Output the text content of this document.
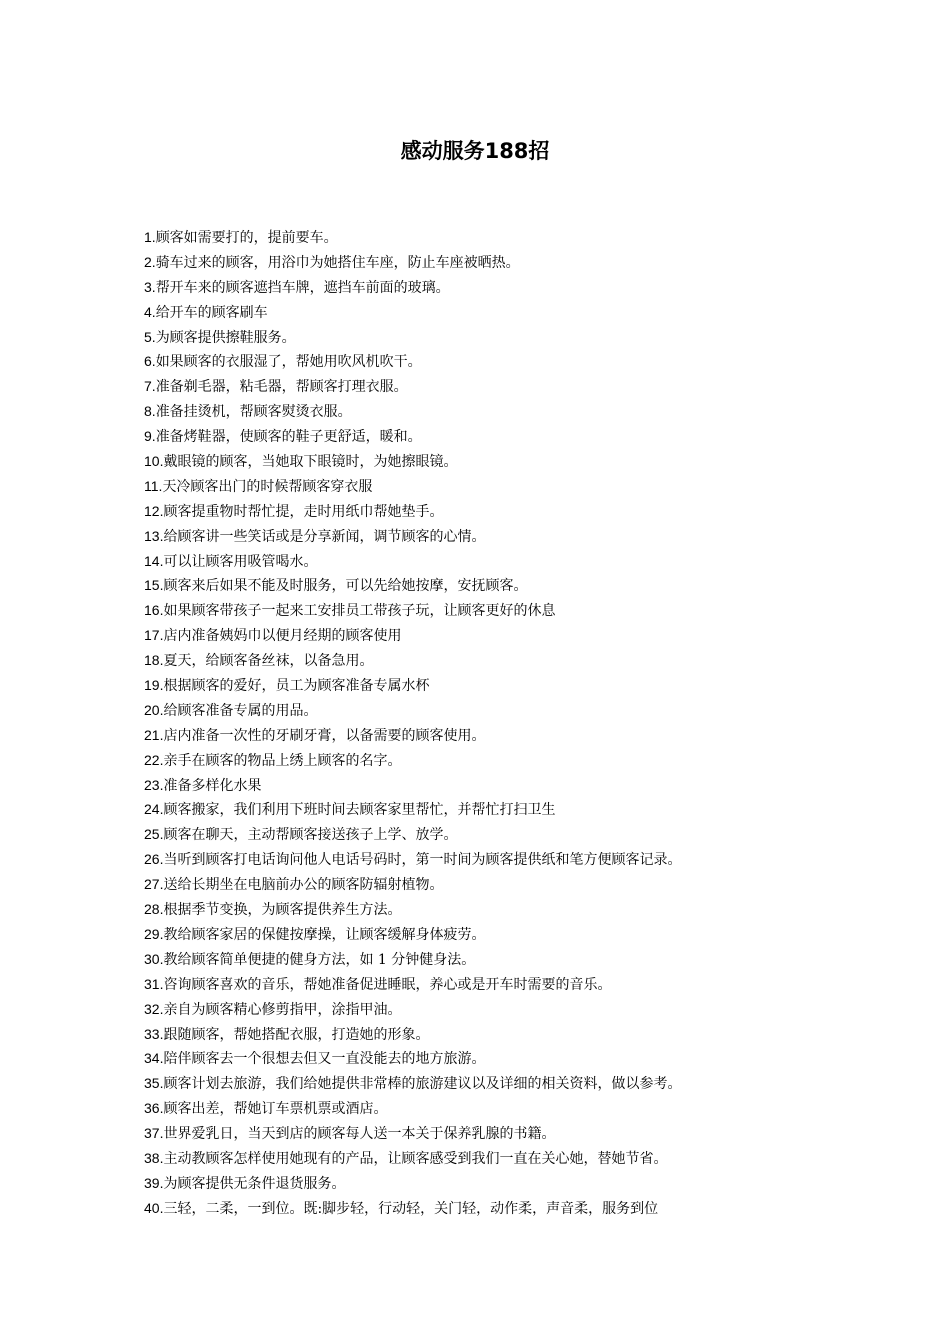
感动服务188招
1.顾客如需要打的，提前要车。
2.骑车过来的顾客，用浴巾为她搭住车座，防止车座被晒热。
3.帮开车来的顾客遮挡车牌，遮挡车前面的玻璃。
4.给开车的顾客刷车
5.为顾客提供擦鞋服务。
6.如果顾客的衣服湿了，帮她用吹风机吹干。
7.准备剃毛器，粘毛器，帮顾客打理衣服。
8.准备挂烫机，帮顾客熨烫衣服。
9.准备烤鞋器，使顾客的鞋子更舒适，暖和。
10.戴眼镜的顾客，当她取下眼镜时，为她擦眼镜。
11.天冷顾客出门的时候帮顾客穿衣服
12.顾客提重物时帮忙提，走时用纸巾帮她垫手。
13.给顾客讲一些笑话或是分享新闻，调节顾客的心情。
14.可以让顾客用吸管喝水。
15.顾客来后如果不能及时服务，可以先给她按摩，安抚顾客。
16.如果顾客带孩子一起来工安排员工带孩子玩，让顾客更好的休息
17.店内准备姨妈巾以便月经期的顾客使用
18.夏天，给顾客备丝袜，以备急用。
19.根据顾客的爱好，员工为顾客准备专属水杯
20.给顾客准备专属的用品。
21.店内准备一次性的牙刷牙膏，以备需要的顾客使用。
22.亲手在顾客的物品上绣上顾客的名字。
23.准备多样化水果
24.顾客搬家，我们利用下班时间去顾客家里帮忙，并帮忙打扫卫生
25.顾客在聊天，主动帮顾客接送孩子上学、放学。
26.当听到顾客打电话询问他人电话号码时，第一时间为顾客提供纸和笔方便顾客记录。
27.送给长期坐在电脑前办公的顾客防辐射植物。
28.根据季节变换，为顾客提供养生方法。
29.教给顾客家居的保健按摩操，让顾客缓解身体疲劳。
30.教给顾客简单便捷的健身方法，如 1 分钟健身法。
31.咨询顾客喜欢的音乐，帮她准备促进睡眠，养心或是开车时需要的音乐。
32.亲自为顾客精心修剪指甲，涂指甲油。
33.跟随顾客，帮她搭配衣服，打造她的形象。
34.陪伴顾客去一个很想去但又一直没能去的地方旅游。
35.顾客计划去旅游，我们给她提供非常棒的旅游建议以及详细的相关资料，做以参考。
36.顾客出差，帮她订车票机票或酒店。
37.世界爱乳日，当天到店的顾客每人送一本关于保养乳腺的书籍。
38.主动教顾客怎样使用她现有的产品，让顾客感受到我们一直在关心她，替她节省。
39.为顾客提供无条件退货服务。
40.三轻，二柔，一到位。既:脚步轻，行动轻，关门轻，动作柔，声音柔，服务到位
